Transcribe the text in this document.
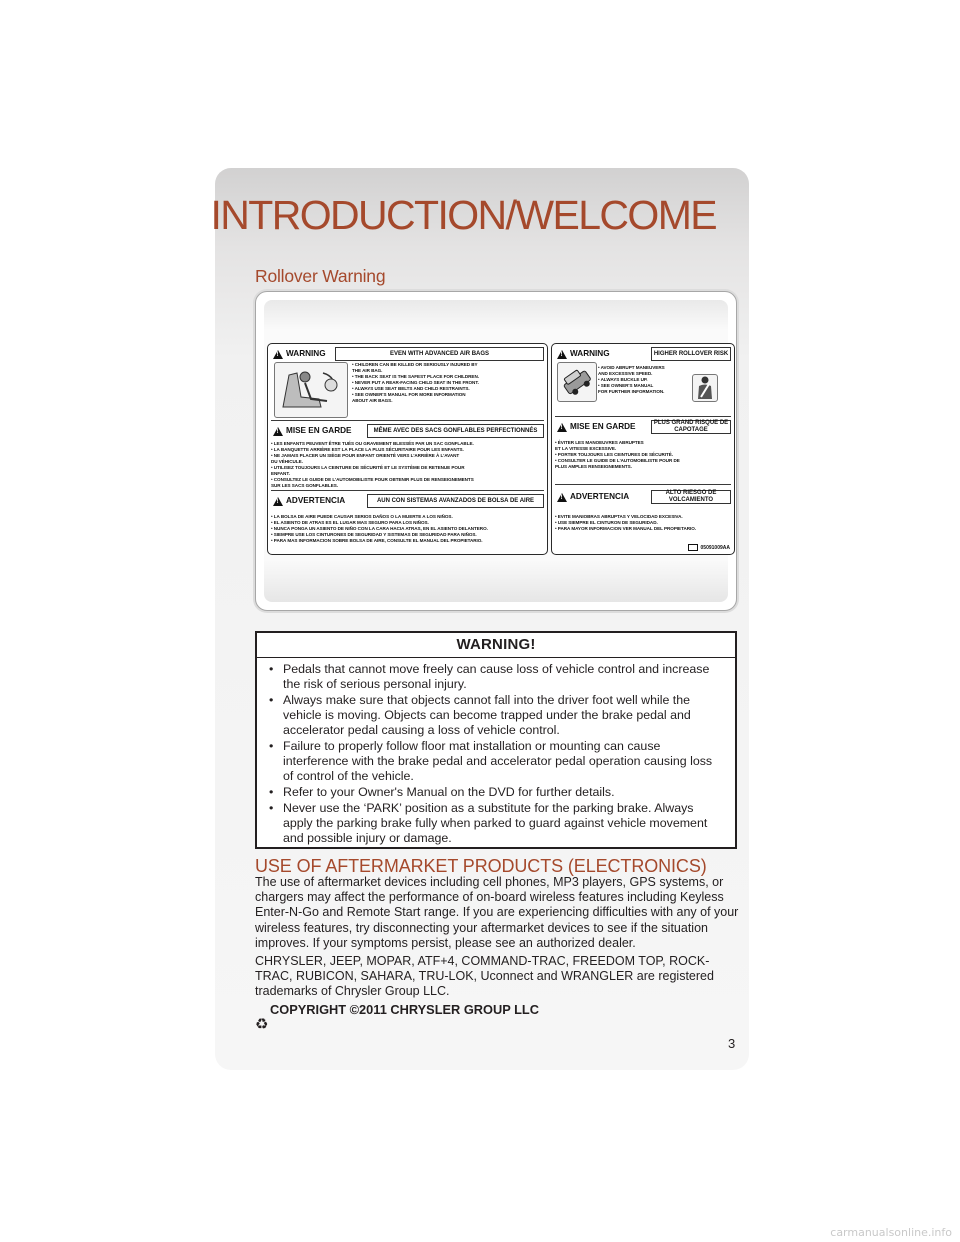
INTRODUCTION/WELCOME
Rollover Warning
!
WARNING	EVEN WITH ADVANCED AIR BAGS
• CHILDREN CAN BE KILLED OR SERIOUSLY INJURED BY
THE AIR BAG.
• THE BACK SEAT IS THE SAFEST PLACE FOR CHILDREN.
• NEVER PUT A REAR-FACING CHILD SEAT IN THE FRONT.
• ALWAYS USE SEAT BELTS AND CHILD RESTRAINTS.
• SEE OWNER'S MANUAL FOR MORE INFORMATION
ABOUT AIR BAGS.
!
MISE EN GARDE	MÊME AVEC DES SACS GONFLABLES PERFECTIONNÉS
• LES ENFANTS PEUVENT ÊTRE TUÉS OU GRAVEMENT BLESSÉS PAR UN SAC GONFLABLE.
• LA BANQUETTE ARRIÈRE EST LA PLACE LA PLUS SÉCURITAIRE POUR LES ENFANTS.
• NE JAMAIS PLACER UN SIÈGE POUR ENFANT ORIENTÉ VERS L'ARRIÈRE À L'AVANT
DU VÉHICULE.
• UTILISEZ TOUJOURS LA CEINTURE DE SÉCURITÉ ET LE SYSTÈME DE RETENUE POUR
ENFANT.
• CONSULTEZ LE GUIDE DE L'AUTOMOBILISTE POUR OBTENIR PLUS DE RENSEIGNEMENTS
SUR LES SACS GONFLABLES.
!
ADVERTENCIA	AUN CON SISTEMAS AVANZADOS DE BOLSA DE AIRE
• LA BOLSA DE AIRE PUEDE CAUSAR SERIOS DAÑOS O LA MUERTE A LOS NIÑOS.
• EL ASIENTO DE ATRAS ES EL LUGAR MAS SEGURO PARA LOS NIÑOS.
• NUNCA PONGA UN ASIENTO DE NIÑO CON LA CARA HACIA ATRAS, EN EL ASIENTO DELANTERO.
• SIEMPRE USE LOS CINTURONES DE SEGURIDAD Y SISTEMAS DE SEGURIDAD PARA NIÑOS.
• PARA MAS INFORMACION SOBRE BOLSA DE AIRE, CONSULTE EL MANUAL DEL PROPIETARIO.
!
WARNING	HIGHER ROLLOVER RISK
• AVOID ABRUPT MANEUVERS
AND EXCESSIVE SPEED.
• ALWAYS BUCKLE UP.
• SEE OWNER'S MANUAL
FOR FURTHER INFORMATION.
!
MISE EN GARDE	PLUS GRAND RISQUE DE CAPOTAGE
• ÉVITER LES MANOEUVRES ABRUPTES
ET LA VITESSE EXCESSIVE.
• PORTER TOUJOURS LES CEINTURES DE SÉCURITÉ.
• CONSULTER LE GUIDE DE L'AUTOMOBILISTE POUR DE
PLUS AMPLES RENSEIGNEMENTS.
!
ADVERTENCIA	ALTO RIESGO DE VOLCAMIENTO
• EVITE MANIOBRAS ABRUPTAS Y VELOCIDAD EXCESIVA.
• USE SIEMPRE EL CINTURON DE SEGURIDAD.
• PARA MAYOR INFORMACION VER MANUAL DEL PROPIETARIO.
05091009AA
WARNING!
• Pedals that cannot move freely can cause loss of vehicle control and increase the risk of serious personal injury.
• Always make sure that objects cannot fall into the driver foot well while the vehicle is moving. Objects can become trapped under the brake pedal and accelerator pedal causing a loss of vehicle control.
• Failure to properly follow floor mat installation or mounting can cause interference with the brake pedal and accelerator pedal operation causing loss of control of the vehicle.
• Refer to your Owner's Manual on the DVD for further details.
• Never use the ‘PARK’ position as a substitute for the parking brake. Always apply the parking brake fully when parked to guard against vehicle movement and possible injury or damage.
USE OF AFTERMARKET PRODUCTS (ELECTRONICS)
The use of aftermarket devices including cell phones, MP3 players, GPS systems, or chargers may affect the performance of on-board wireless features including Keyless Enter-N-Go and Remote Start range. If you are experiencing difficulties with any of your wireless features, try disconnecting your aftermarket devices to see if the situation improves. If your symptoms persist, please see an authorized dealer.
CHRYSLER, JEEP, MOPAR, ATF+4, COMMAND-TRAC, FREEDOM TOP, ROCK-TRAC, RUBICON, SAHARA, TRU-LOK, Uconnect and WRANGLER are registered trademarks of Chrysler Group LLC.
COPYRIGHT ©2011 CHRYSLER GROUP LLC
♻
3
carmanualsonline.info
